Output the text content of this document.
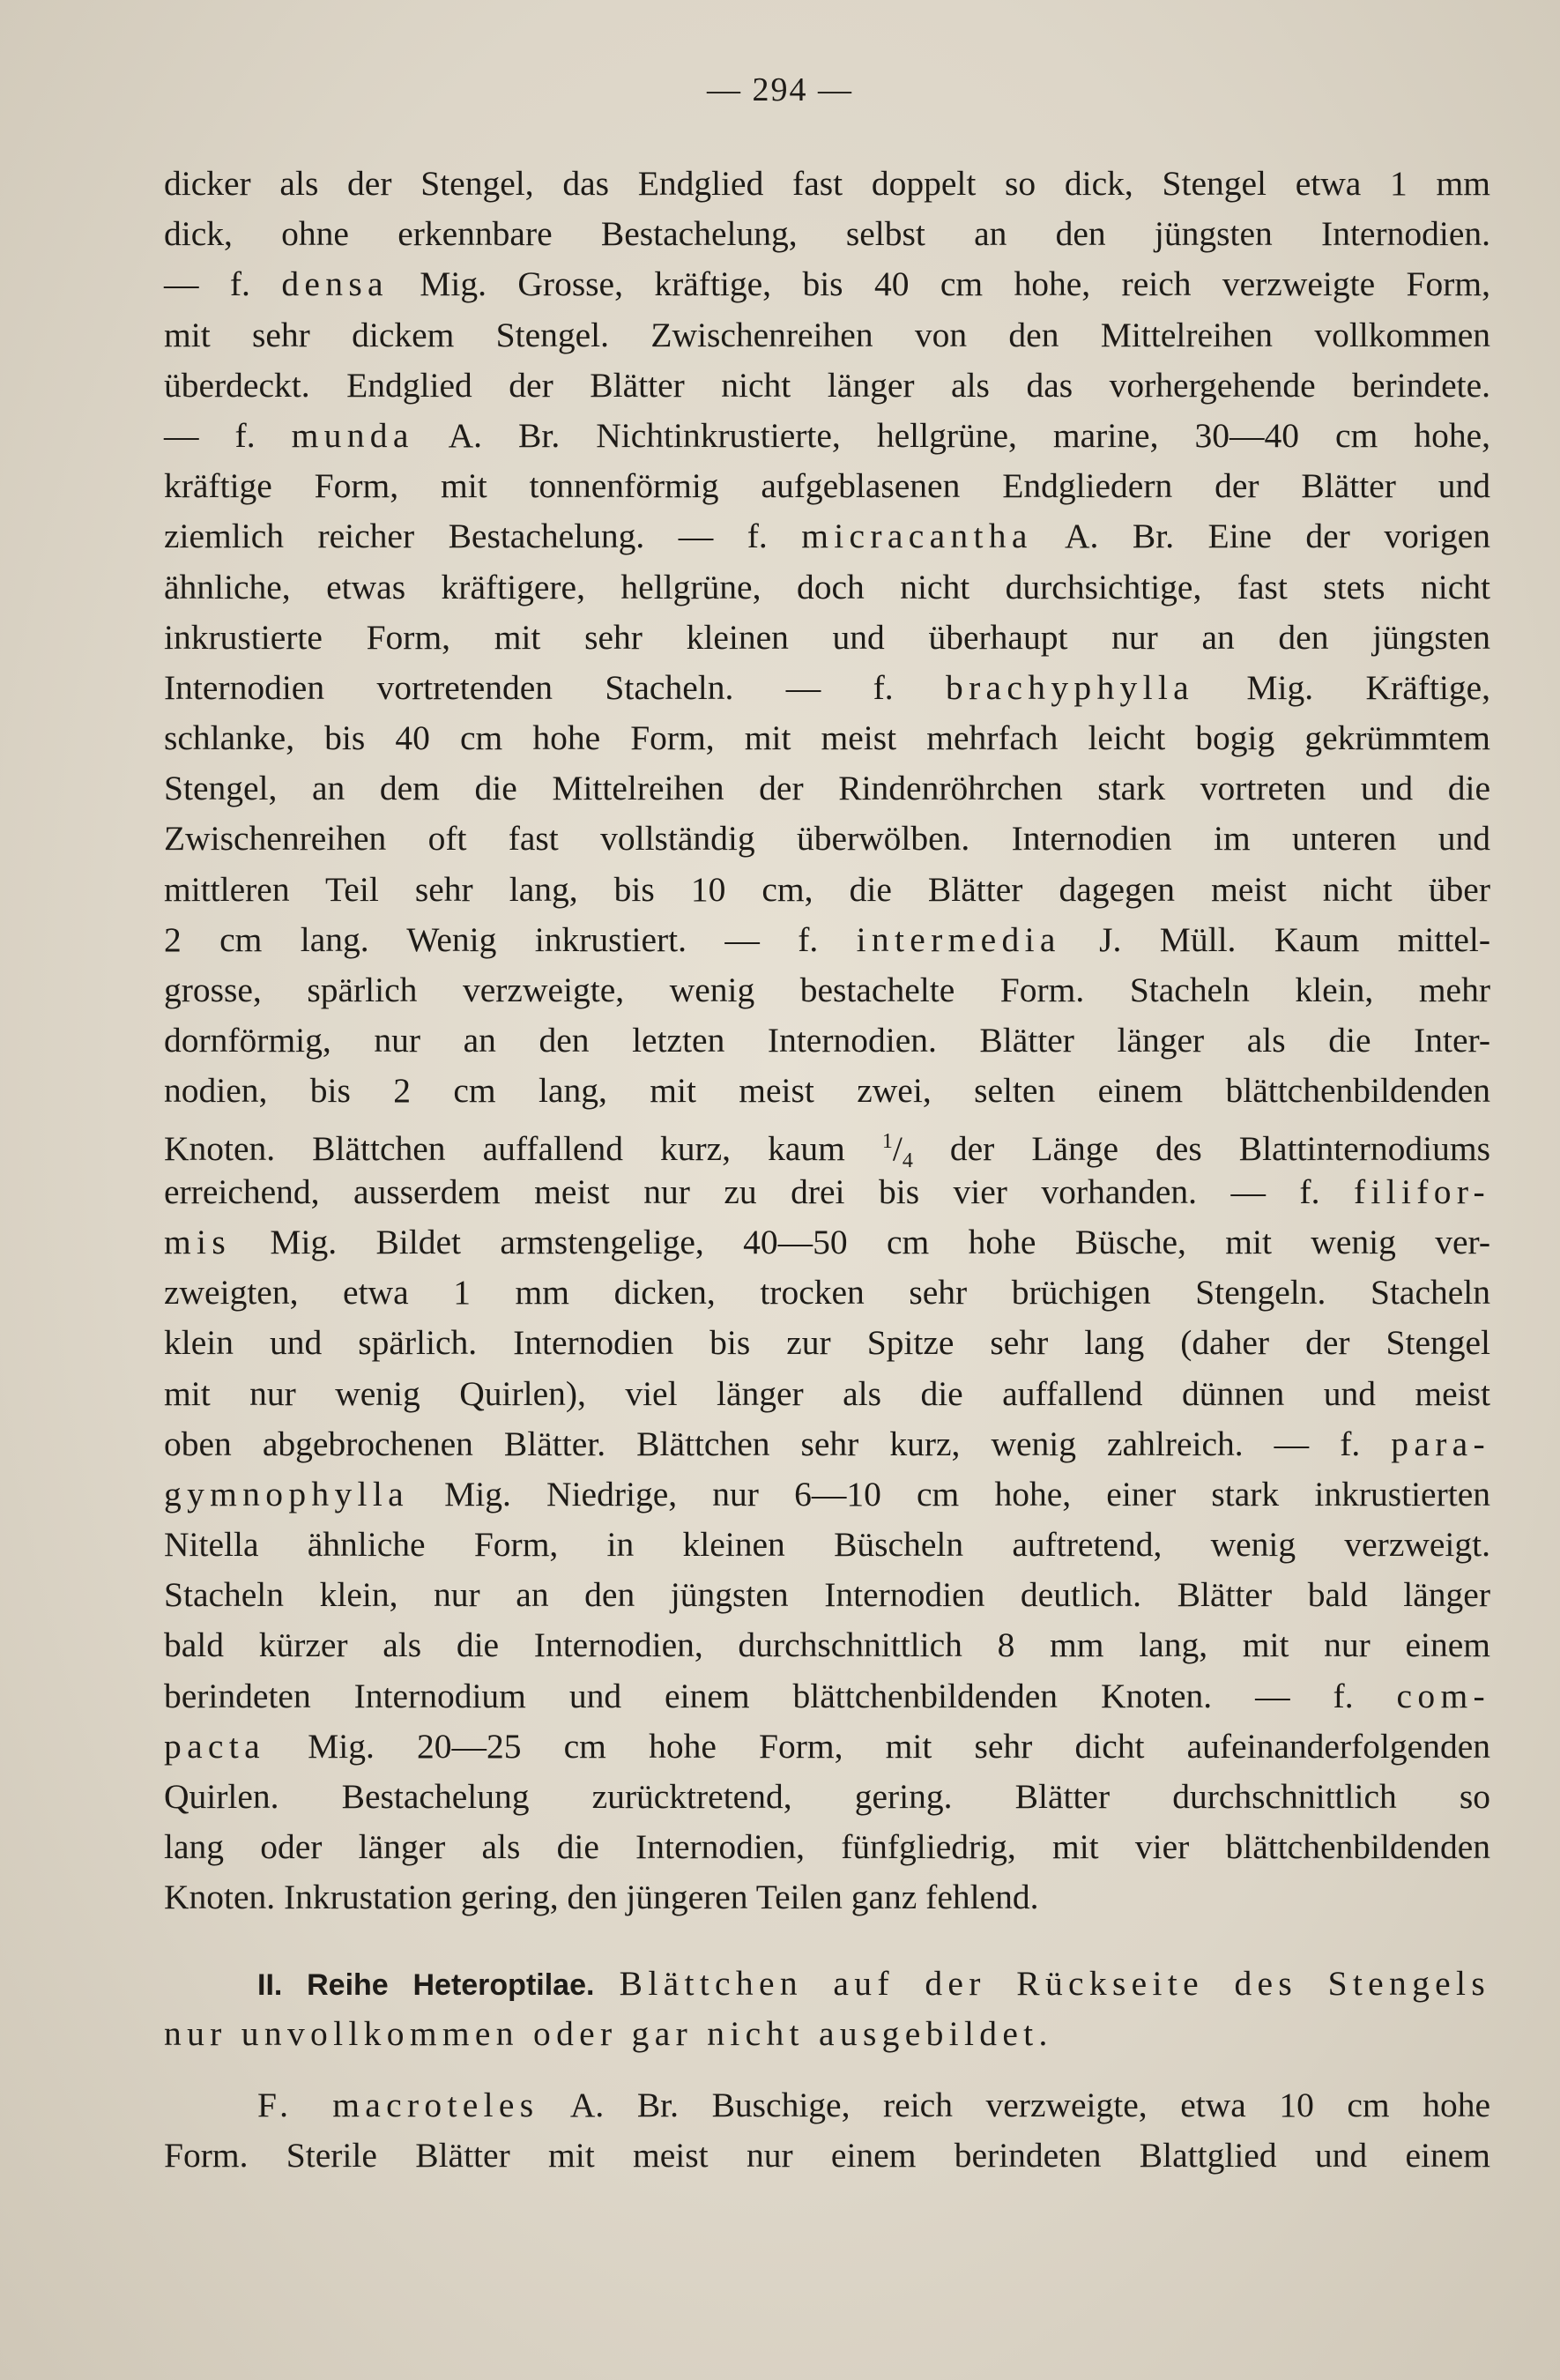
— 294 —
dicker als der Stengel, das Endglied fast doppelt so dick, Stengel etwa 1 mm
dick, ohne erkennbare Bestachelung, selbst an den jüngsten Internodien.
— f. densa Mig. Grosse, kräftige, bis 40 cm hohe, reich verzweigte Form,
mit sehr dickem Stengel. Zwischenreihen von den Mittelreihen vollkommen
überdeckt. Endglied der Blätter nicht länger als das vorhergehende berindete.
— f. munda A. Br. Nichtinkrustierte, hellgrüne, marine, 30—40 cm hohe,
kräftige Form, mit tonnenförmig aufgeblasenen Endgliedern der Blätter und
ziemlich reicher Bestachelung. — f. micracantha A. Br. Eine der vorigen
ähnliche, etwas kräftigere, hellgrüne, doch nicht durchsichtige, fast stets nicht
inkrustierte Form, mit sehr kleinen und überhaupt nur an den jüngsten
Internodien vortretenden Stacheln. — f. brachyphylla Mig. Kräftige,
schlanke, bis 40 cm hohe Form, mit meist mehrfach leicht bogig gekrümmtem
Stengel, an dem die Mittelreihen der Rindenröhrchen stark vortreten und die
Zwischenreihen oft fast vollständig überwölben. Internodien im unteren und
mittleren Teil sehr lang, bis 10 cm, die Blätter dagegen meist nicht über
2 cm lang. Wenig inkrustiert. — f. intermedia J. Müll. Kaum mittel-
grosse, spärlich verzweigte, wenig bestachelte Form. Stacheln klein, mehr
dornförmig, nur an den letzten Internodien. Blätter länger als die Inter-
nodien, bis 2 cm lang, mit meist zwei, selten einem blättchenbildenden
Knoten. Blättchen auffallend kurz, kaum $^1/_4$ der Länge des Blattinternodiums
erreichend, ausserdem meist nur zu drei bis vier vorhanden. — f. filifor-
mis Mig. Bildet armstengelige, 40—50 cm hohe Büsche, mit wenig ver-
zweigten, etwa 1 mm dicken, trocken sehr brüchigen Stengeln. Stacheln
klein und spärlich. Internodien bis zur Spitze sehr lang (daher der Stengel
mit nur wenig Quirlen), viel länger als die auffallend dünnen und meist
oben abgebrochenen Blätter. Blättchen sehr kurz, wenig zahlreich. — f. para-
gymnophylla Mig. Niedrige, nur 6—10 cm hohe, einer stark inkrustierten
Nitella ähnliche Form, in kleinen Büscheln auftretend, wenig verzweigt.
Stacheln klein, nur an den jüngsten Internodien deutlich. Blätter bald länger
bald kürzer als die Internodien, durchschnittlich 8 mm lang, mit nur einem
berindeten Internodium und einem blättchenbildenden Knoten. — f. com-
pacta Mig. 20—25 cm hohe Form, mit sehr dicht aufeinanderfolgenden
Quirlen. Bestachelung zurücktretend, gering. Blätter durchschnittlich so
lang oder länger als die Internodien, fünfgliedrig, mit vier blättchenbildenden
Knoten. Inkrustation gering, den jüngeren Teilen ganz fehlend.
II. Reihe Heteroptilae. Blättchen auf der Rückseite des Stengels
nur unvollkommen oder gar nicht ausgebildet.
F. macroteles A. Br. Buschige, reich verzweigte, etwa 10 cm hohe
Form. Sterile Blätter mit meist nur einem berindeten Blattglied und einem
